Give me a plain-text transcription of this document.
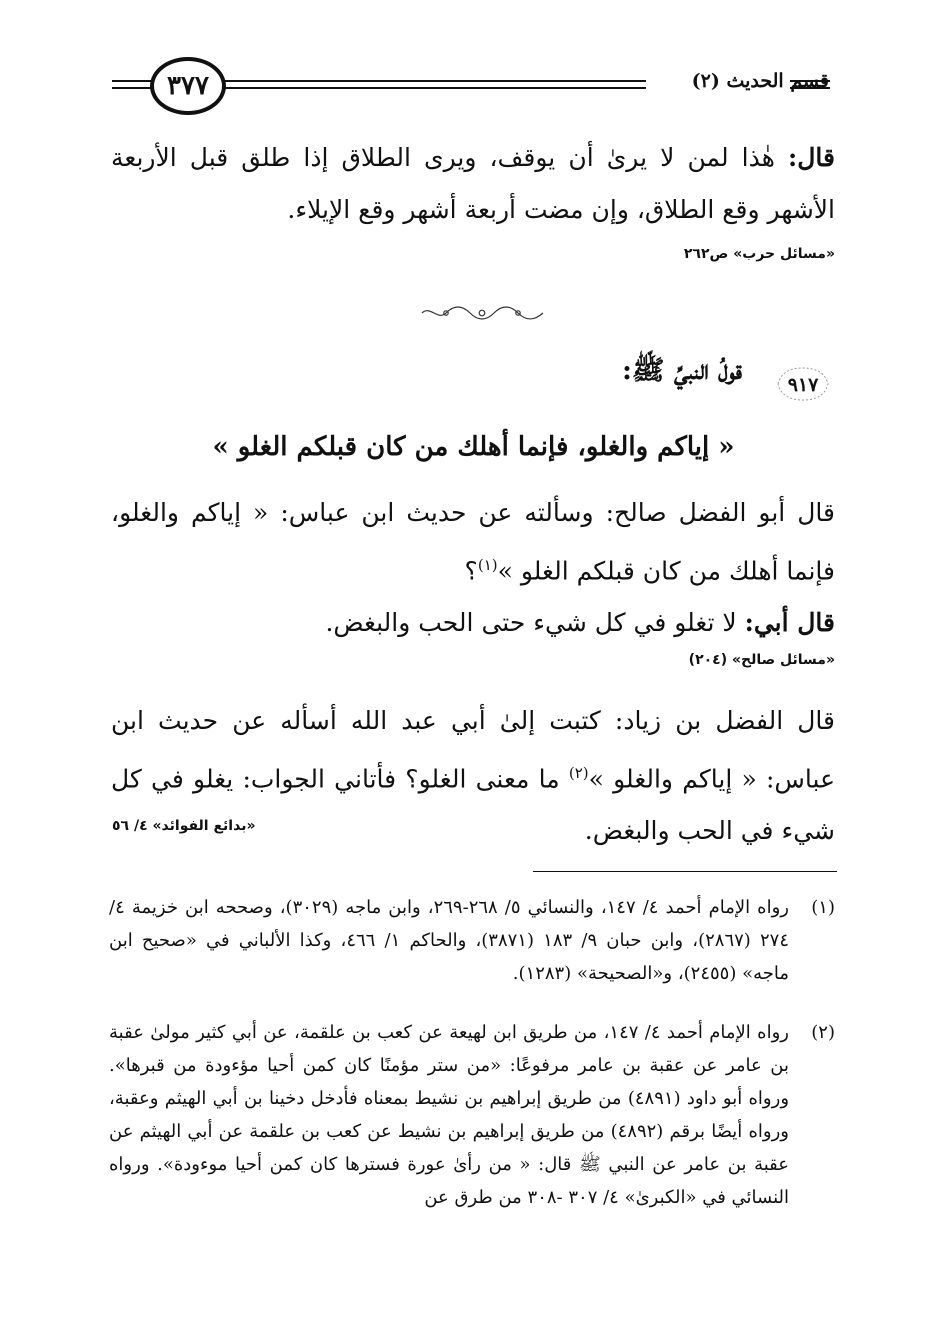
٣٧٧	قسم الحديث (٢)
قال: هٰذا لمن لا يرىٰ أن يوقف، ويرى الطلاق إذا طلق قبل الأربعة الأشهر وقع الطلاق، وإن مضت أربعة أشهر وقع الإيلاء.
«مسائل حرب» ص٢٦٢
٩١٧
قولُ النبيِّ ﷺ:
« إياكم والغلو، فإنما أهلك من كان قبلكم الغلو »
قال أبو الفضل صالح: وسألته عن حديث ابن عباس: « إياكم والغلو، فإنما أهلك من كان قبلكم الغلو »$^{(١)}$؟
قال أبي: لا تغلو في كل شيء حتى الحب والبغض.
«مسائل صالح» (٢٠٤)
قال الفضل بن زياد: كتبت إلىٰ أبي عبد الله أسأله عن حديث ابن عباس: « إياكم والغلو »$^{(٢)}$ ما معنى الغلو؟ فأتاني الجواب: يغلو في كل شيء في الحب والبغض.
«بدائع الفوائد» ٤/ ٥٦
(١)
رواه الإمام أحمد ٤/ ١٤٧، والنسائي ٥/ ٢٦٨-٢٦٩، وابن ماجه (٣٠٢٩)، وصححه ابن خزيمة ٤/ ٢٧٤ (٢٨٦٧)، وابن حبان ٩/ ١٨٣ (٣٨٧١)، والحاكم ١/ ٤٦٦، وكذا الألباني في «صحيح ابن ماجه» (٢٤٥٥)، و«الصحيحة» (١٢٨٣).
(٢)
رواه الإمام أحمد ٤/ ١٤٧، من طريق ابن لهيعة عن كعب بن علقمة، عن أبي كثير مولىٰ عقبة بن عامر عن عقبة بن عامر مرفوعًا: «من ستر مؤمنًا كان كمن أحيا مؤءودة من قبرها». ورواه أبو داود (٤٨٩١) من طريق إبراهيم بن نشيط بمعناه فأدخل دخينا بن أبي الهيثم وعقبة، ورواه أيضًا برقم (٤٨٩٢) من طريق إبراهيم بن نشيط عن كعب بن علقمة عن أبي الهيثم عن عقبة بن عامر عن النبي ﷺ قال: « من رأىٰ عورة فسترها كان كمن أحيا موءودة». ورواه النسائي في «الكبرىٰ» ٤/ ٣٠٧ -٣٠٨ من طرق عن
